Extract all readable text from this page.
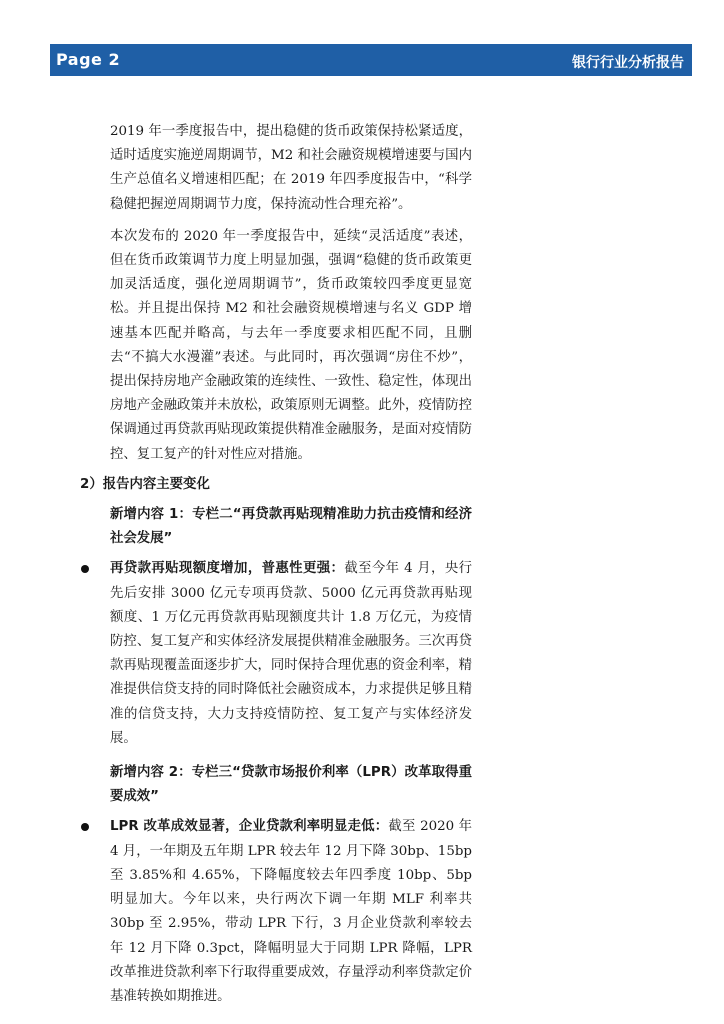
Page 2	银行行业分析报告

2019 年一季度报告中，提出稳健的货币政策保持松紧适度，适时适度实施逆周期调节，M2 和社会融资规模增速要与国内生产总值名义增速相匹配；在 2019 年四季度报告中，“科学稳健把握逆周期调节力度，保持流动性合理充裕”。

本次发布的 2020 年一季度报告中，延续“灵活适度”表述，但在货币政策调节力度上明显加强，强调“稳健的货币政策更加灵活适度，强化逆周期调节”，货币政策较四季度更显宽松。并且提出保持 M2 和社会融资规模增速与名义 GDP 增速基本匹配并略高，与去年一季度要求相匹配不同，且删去“不搞大水漫灌”表述。与此同时，再次强调“房住不炒”，提出保持房地产金融政策的连续性、一致性、稳定性，体现出房地产金融政策并未放松，政策原则无调整。此外，疫情防控保调通过再贷款再贴现政策提供精准金融服务，是面对疫情防控、复工复产的针对性应对措施。

2）报告内容主要变化
新增内容 1：专栏二“再贷款再贴现精准助力抗击疫情和经济社会发展”
再贷款再贴现额度增加，普惠性更强：截至今年 4 月，央行先后安排 3000 亿元专项再贷款、5000 亿元再贷款再贴现额度、1 万亿元再贷款再贴现额度共计 1.8 万亿元，为疫情防控、复工复产和实体经济发展提供精准金融服务。三次再贷款再贴现覆盖面逐步扩大，同时保持合理优惠的资金利率，精准提供信贷支持的同时降低社会融资成本，力求提供足够且精准的信贷支持，大力支持疫情防控、复工复产与实体经济发展。
新增内容 2：专栏三“贷款市场报价利率（LPR）改革取得重要成效”
LPR 改革成效显著，企业贷款利率明显走低：截至 2020 年 4 月，一年期及五年期 LPR 较去年 12 月下降 30bp、15bp 至 3.85%和 4.65%，下降幅度较去年四季度 10bp、5bp 明显加大。今年以来，央行两次下调一年期 MLF 利率共 30bp 至 2.95%，带动 LPR 下行，3 月企业贷款利率较去年 12 月下降 0.3pct，降幅明显大于同期 LPR 降幅，LPR 改革推进贷款利率下行取得重要成效，存量浮动利率贷款定价基准转换如期推进。
